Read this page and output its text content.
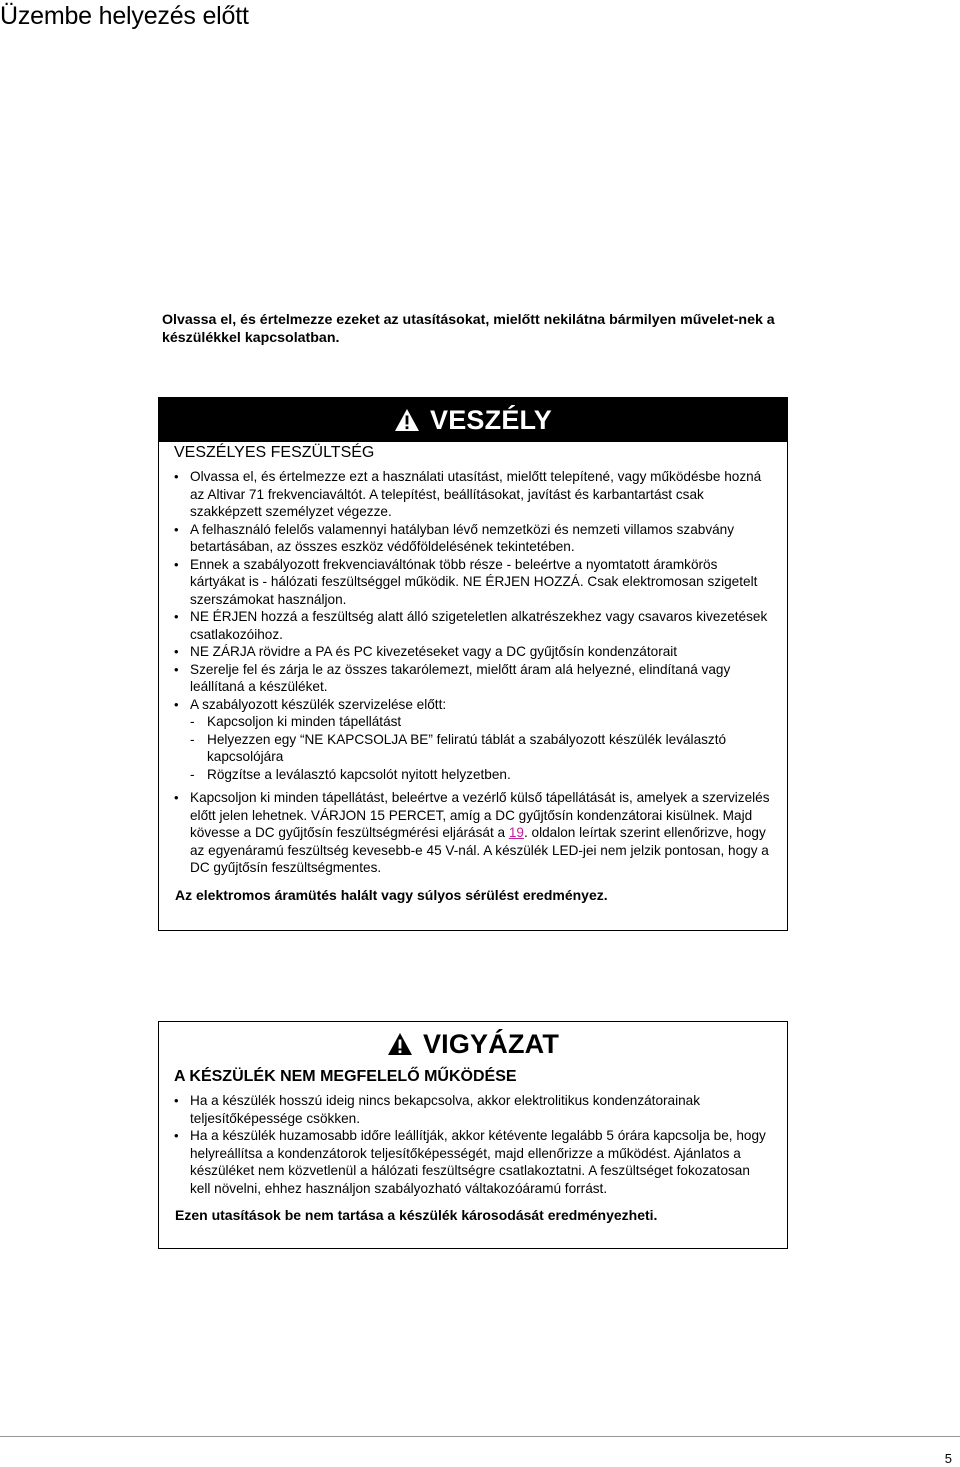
Üzembe helyezés előtt
Olvassa el, és értelmezze ezeket az utasításokat, mielőtt nekilátna bármilyen művelet-nek a készülékkel kapcsolatban.
VESZÉLY
VESZÉLYES FESZÜLTSÉG
• Olvassa el, és értelmezze ezt a használati utasítást, mielőtt telepítené, vagy működésbe hozná az Altivar 71 frekvenciaváltót. A telepítést, beállításokat, javítást és karbantartást csak szakképzett személyzet végezze.
• A felhasználó felelős valamennyi hatályban lévő nemzetközi és nemzeti villamos szabvány betartásában, az összes eszköz védőföldelésének tekintetében.
• Ennek a szabályozott frekvenciaváltónak több része - beleértve a nyomtatott áramkörös kártyákat is - hálózati feszültséggel működik. NE ÉRJEN HOZZÁ. Csak elektromosan szigetelt szerszámokat használjon.
• NE ÉRJEN hozzá a feszültség alatt álló szigeteletlen alkatrészekhez vagy csavaros kivezetések csatlakozóihoz.
• NE ZÁRJA rövidre a PA és PC kivezetéseket vagy a DC gyűjtősín kondenzátorait
• Szerelje fel és zárja le az összes takarólemezt, mielőtt áram alá helyezné, elindítaná vagy leállítaná a készüléket.
• A szabályozott készülék szervizelése előtt:
- Kapcsoljon ki minden tápellátást
- Helyezzen egy “NE KAPCSOLJA BE” feliratú táblát a szabályozott készülék leválasztó kapcsolójára
- Rögzítse a leválasztó kapcsolót nyitott helyzetben.
• Kapcsoljon ki minden tápellátást, beleértve a vezérlő külső tápellátását is, amelyek a szervizelés előtt jelen lehetnek. VÁRJON 15 PERCET, amíg a DC gyűjtősín kondenzátorai kisülnek. Majd kövesse a DC gyűjtősín feszültségmérési eljárását a 19. oldalon leírtak szerint ellenőrizve, hogy az egyenáramú feszültség kevesebb-e 45 V-nál. A készülék LED-jei nem jelzik pontosan, hogy a DC gyűjtősín feszültségmentes.
Az elektromos áramütés halált vagy súlyos sérülést eredményez.
VIGYÁZAT
A KÉSZÜLÉK NEM MEGFELELŐ MŰKÖDÉSE
• Ha a készülék hosszú ideig nincs bekapcsolva, akkor elektrolitikus kondenzátorainak teljesítőképessége csökken.
• Ha a készülék huzamosabb időre leállítják, akkor kétévente legalább 5 órára kapcsolja be, hogy helyreállítsa a kondenzátorok teljesítőképességét, majd ellenőrizze a működést. Ajánlatos a készüléket nem közvetlenül a hálózati feszültségre csatlakoztatni. A feszültséget fokozatosan kell növelni, ehhez használjon szabályozható váltakozóáramú forrást.
Ezen utasítások be nem tartása a készülék károsodását eredményezheti.
5
